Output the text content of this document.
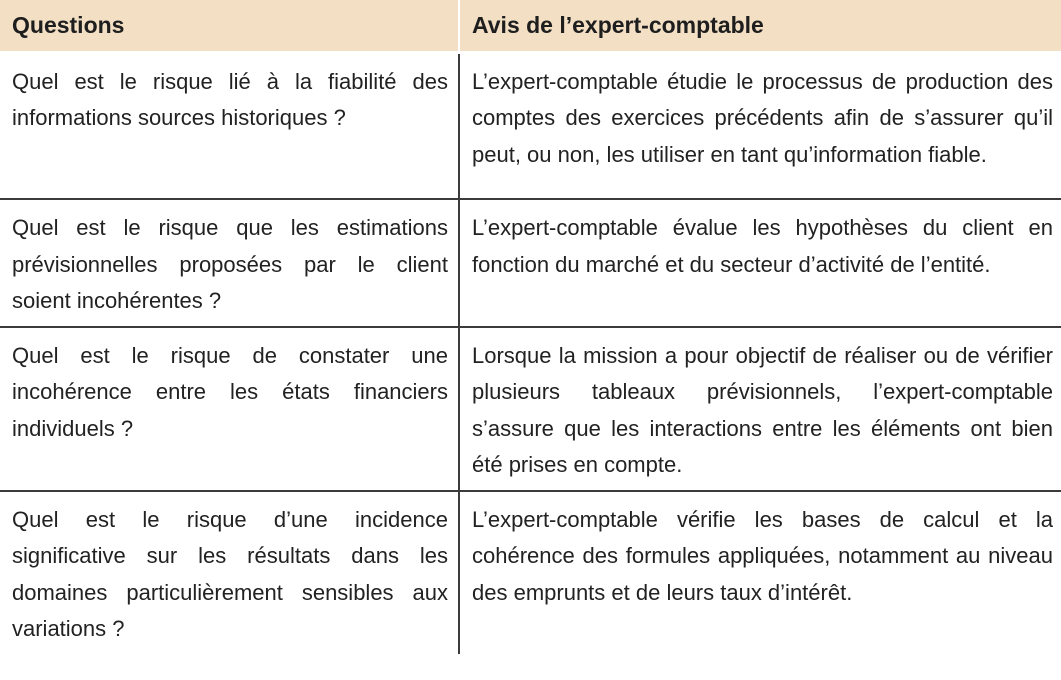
Questions	Avis de l’expert-comptable
Quel est le risque lié à la fiabilité des informations sources historiques ?	L’expert-comptable étudie le processus de production des comptes des exercices précédents afin de s’assurer qu’il peut, ou non, les utiliser en tant qu’information fiable.
Quel est le risque que les estimations prévisionnelles proposées par le client soient incohérentes ?	L’expert-comptable évalue les hypothèses du client en fonction du marché et du secteur d’activité de l’entité.
Quel est le risque de constater une incohérence entre les états financiers individuels ?	Lorsque la mission a pour objectif de réaliser ou de vérifier plusieurs tableaux prévisionnels, l’expert-comptable s’assure que les interactions entre les éléments ont bien été prises en compte.
Quel est le risque d’une incidence significative sur les résultats dans les domaines particulièrement sensibles aux variations ?	L’expert-comptable vérifie les bases de calcul et la cohérence des formules appliquées, notamment au niveau des emprunts et de leurs taux d’intérêt.
